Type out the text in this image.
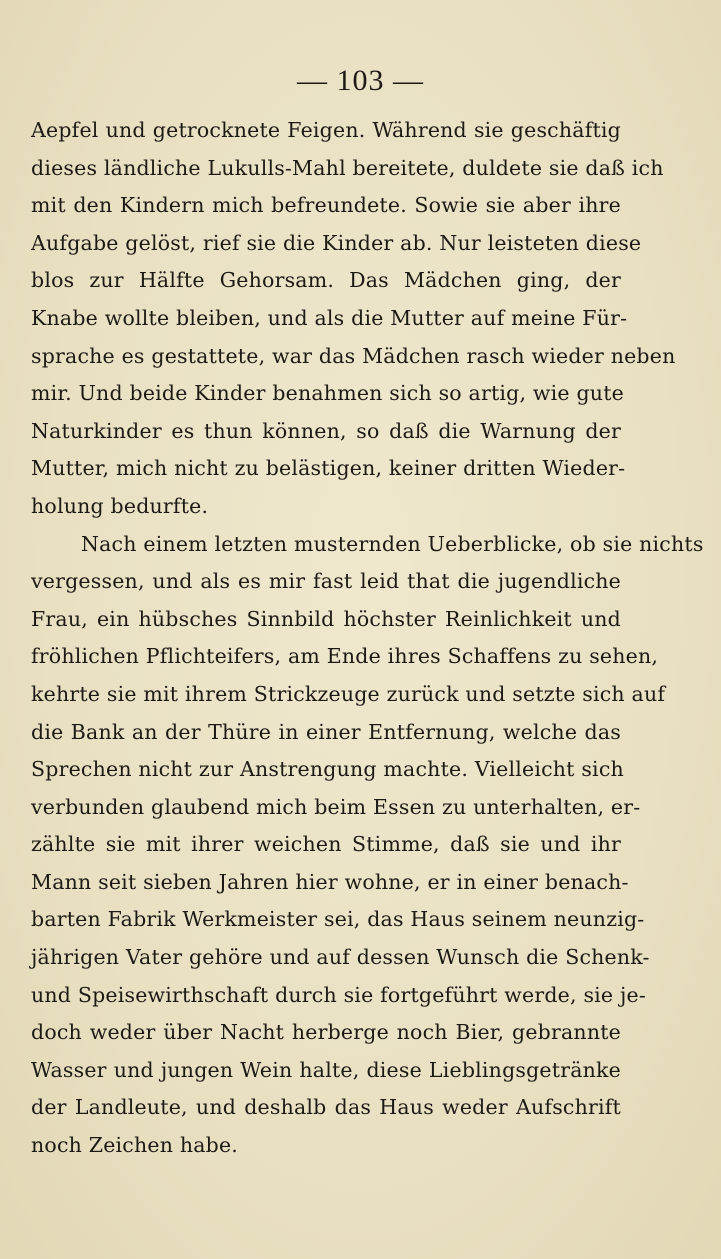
— 103 —
Aepfel und getrocknete Feigen. Während sie geschäftig
dieses ländliche Lukulls-Mahl bereitete, duldete sie daß ich
mit den Kindern mich befreundete. Sowie sie aber ihre
Aufgabe gelöst, rief sie die Kinder ab. Nur leisteten diese
blos zur Hälfte Gehorsam. Das Mädchen ging, der
Knabe wollte bleiben, und als die Mutter auf meine Für-
sprache es gestattete, war das Mädchen rasch wieder neben
mir. Und beide Kinder benahmen sich so artig, wie gute
Naturkinder es thun können, so daß die Warnung der
Mutter, mich nicht zu belästigen, keiner dritten Wieder-
holung bedurfte.
Nach einem letzten musternden Ueberblicke, ob sie nichts
vergessen, und als es mir fast leid that die jugendliche
Frau, ein hübsches Sinnbild höchster Reinlichkeit und
fröhlichen Pflichteifers, am Ende ihres Schaffens zu sehen,
kehrte sie mit ihrem Strickzeuge zurück und setzte sich auf
die Bank an der Thüre in einer Entfernung, welche das
Sprechen nicht zur Anstrengung machte. Vielleicht sich
verbunden glaubend mich beim Essen zu unterhalten, er-
zählte sie mit ihrer weichen Stimme, daß sie und ihr
Mann seit sieben Jahren hier wohne, er in einer benach-
barten Fabrik Werkmeister sei, das Haus seinem neunzig-
jährigen Vater gehöre und auf dessen Wunsch die Schenk-
und Speisewirthschaft durch sie fortgeführt werde, sie je-
doch weder über Nacht herberge noch Bier, gebrannte
Wasser und jungen Wein halte, diese Lieblingsgetränke
der Landleute, und deshalb das Haus weder Aufschrift
noch Zeichen habe.
